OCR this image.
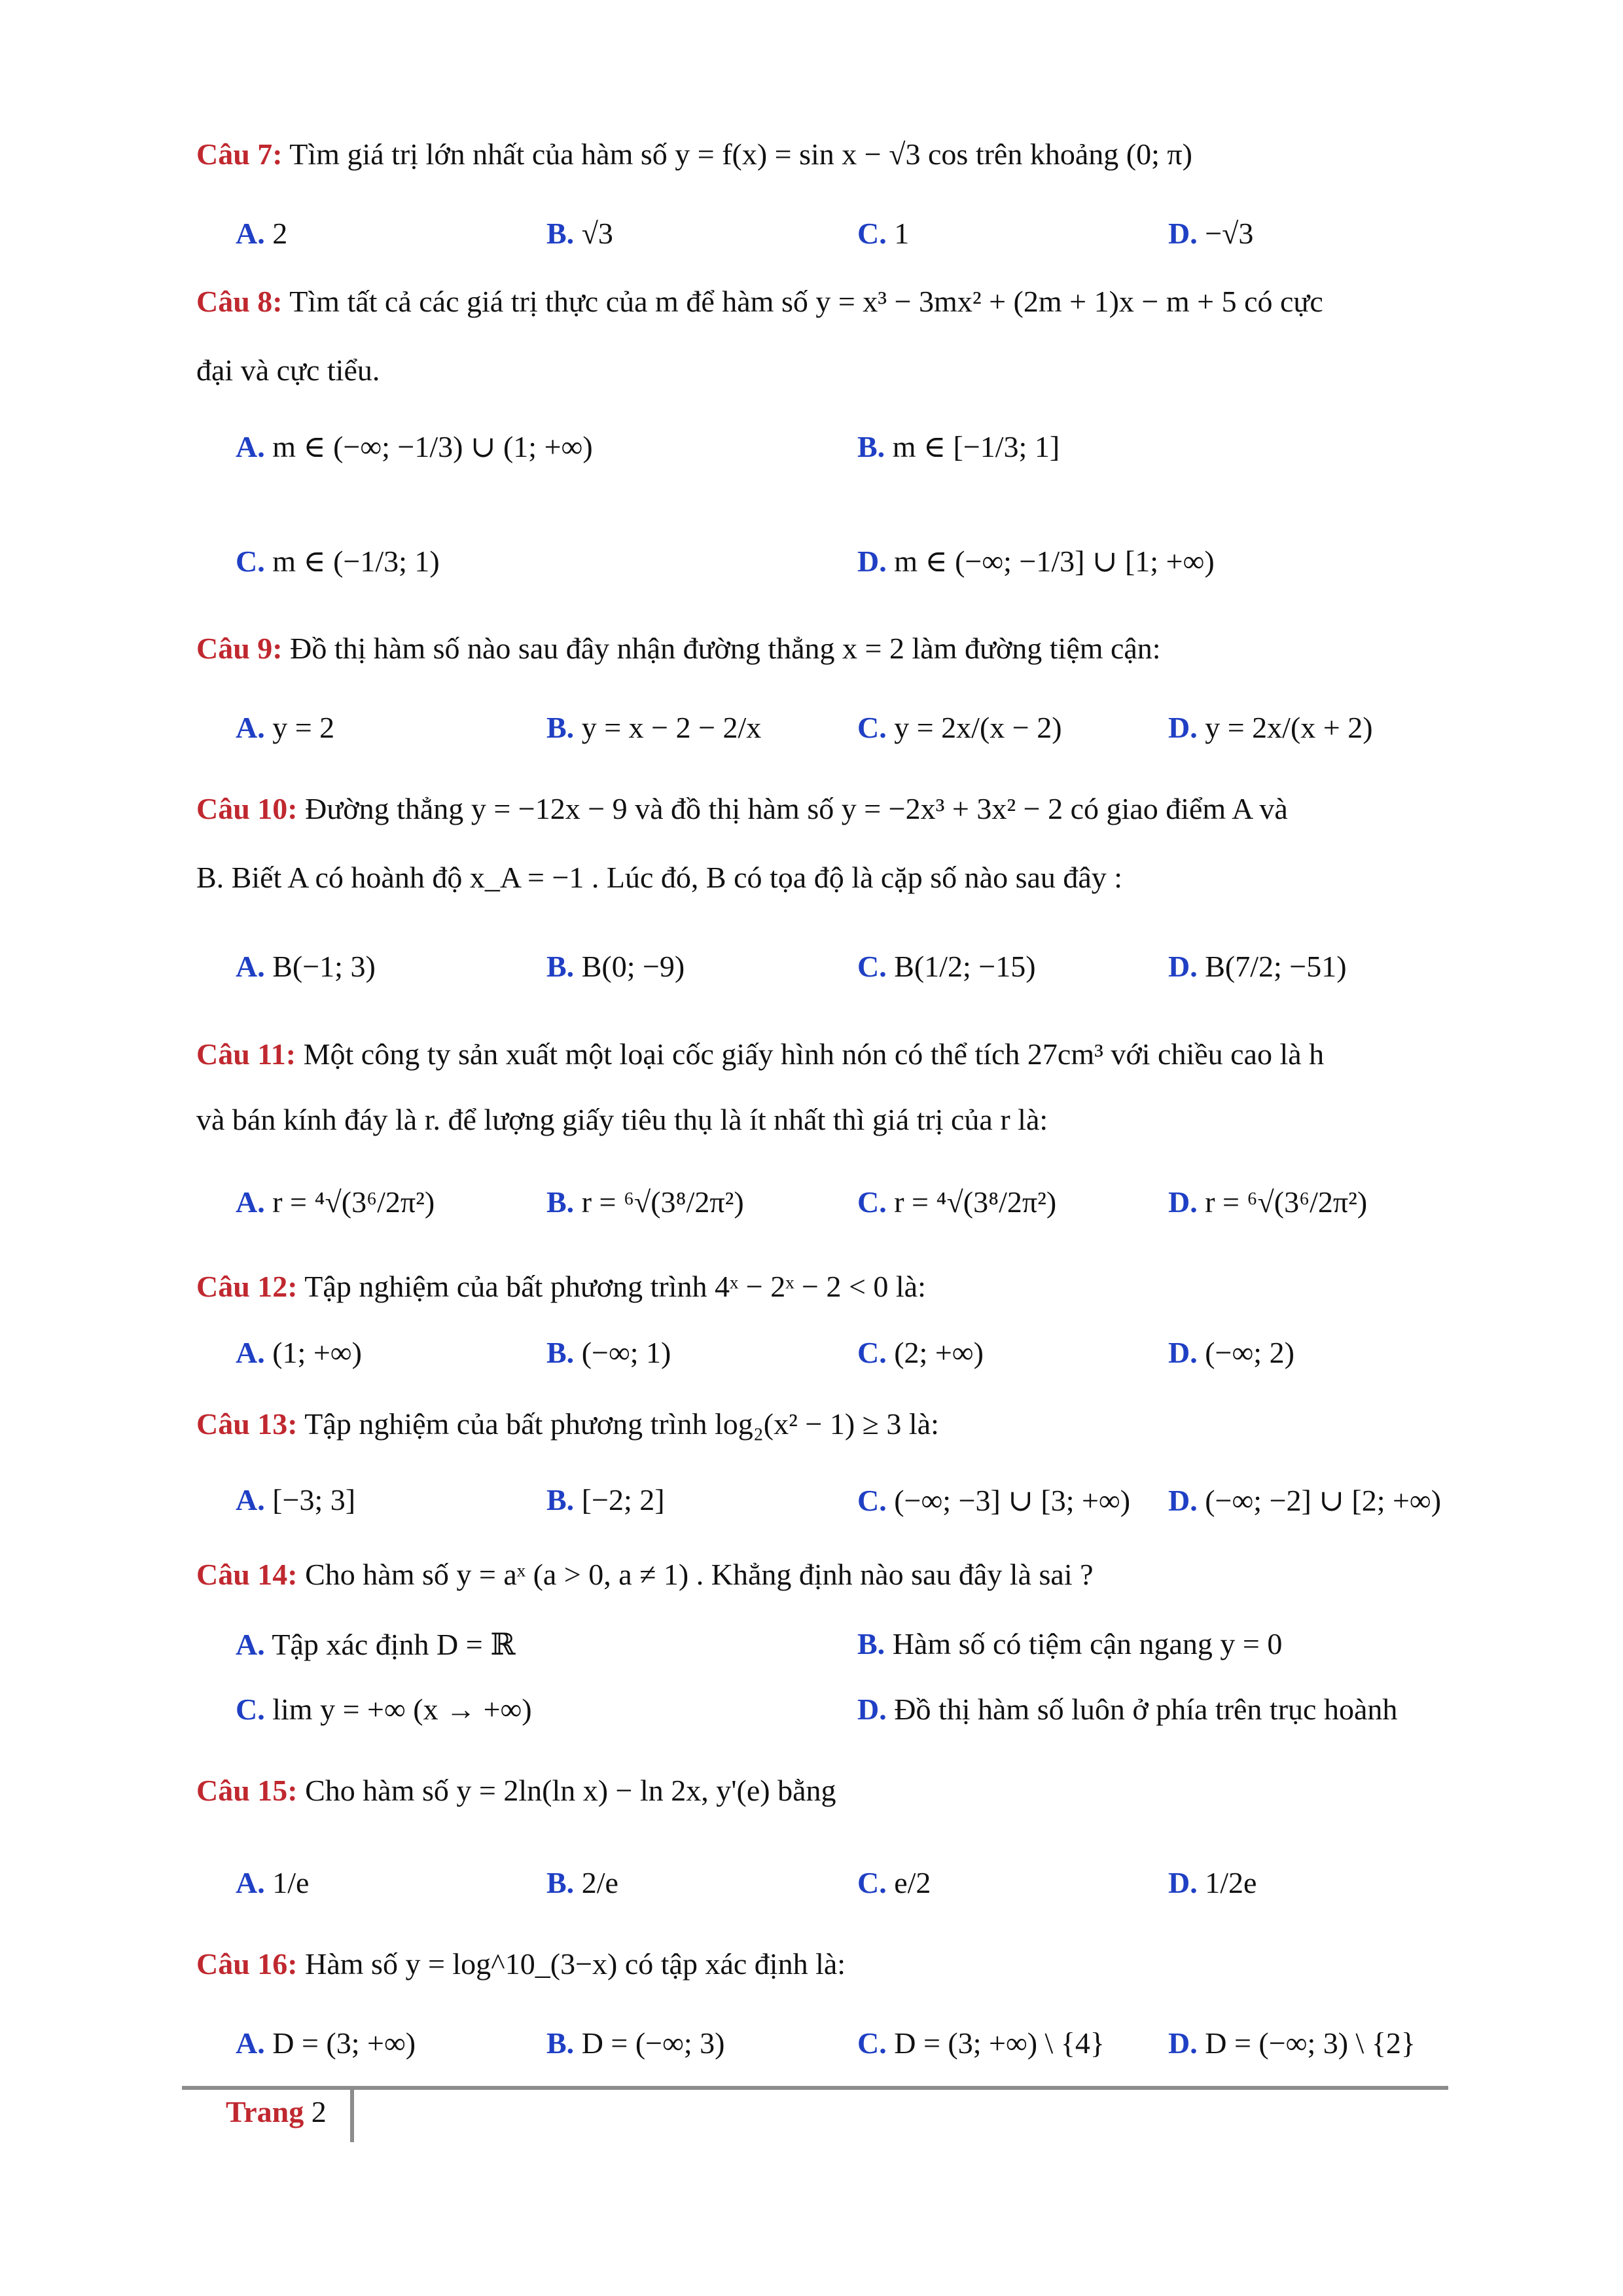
Câu 7: Tìm giá trị lớn nhất của hàm số y = f(x) = sin x − √3 cos trên khoảng (0; π)
A. 2	B. √3	C. 1	D. −√3
Câu 8: Tìm tất cả các giá trị thực của m để hàm số y = x³ − 3mx² + (2m + 1)x − m + 5 có cực
đại và cực tiểu.
A. m ∈ (−∞; −1/3) ∪ (1; +∞)	B. m ∈ [−1/3; 1]
C. m ∈ (−1/3; 1)	D. m ∈ (−∞; −1/3] ∪ [1; +∞)
Câu 9: Đồ thị hàm số nào sau đây nhận đường thẳng x = 2 làm đường tiệm cận:
A. y = 2	B. y = x − 2 − 2/x	C. y = 2x/(x − 2)	D. y = 2x/(x + 2)
Câu 10: Đường thẳng y = −12x − 9 và đồ thị hàm số y = −2x³ + 3x² − 2 có giao điểm A và
B. Biết A có hoành độ x_A = −1 . Lúc đó, B có tọa độ là cặp số nào sau đây :
A. B(−1; 3)	B. B(0; −9)	C. B(1/2; −15)	D. B(7/2; −51)
Câu 11: Một công ty sản xuất một loại cốc giấy hình nón có thể tích 27cm³ với chiều cao là h
và bán kính đáy là r. để lượng giấy tiêu thụ là ít nhất thì giá trị của r là:
A. r = ⁴√(3⁶/2π²)	B. r = ⁶√(3⁸/2π²)	C. r = ⁴√(3⁸/2π²)	D. r = ⁶√(3⁶/2π²)
Câu 12: Tập nghiệm của bất phương trình 4ˣ − 2ˣ − 2 < 0 là:
A. (1; +∞)	B. (−∞; 1)	C. (2; +∞)	D. (−∞; 2)
Câu 13: Tập nghiệm của bất phương trình log₂(x² − 1) ≥ 3 là:
A. [−3; 3]	B. [−2; 2]	C. (−∞; −3] ∪ [3; +∞) D. (−∞; −2] ∪ [2; +∞)
Câu 14: Cho hàm số y = aˣ (a > 0, a ≠ 1) . Khẳng định nào sau đây là sai ?
A. Tập xác định D = ℝ	B. Hàm số có tiệm cận ngang y = 0
C. lim y = +∞ (x → +∞)	D. Đồ thị hàm số luôn ở phía trên trục hoành
Câu 15: Cho hàm số y = 2ln(ln x) − ln 2x, y'(e) bằng
A. 1/e	B. 2/e	C. e/2	D. 1/2e
Câu 16: Hàm số y = log^10_(3−x) có tập xác định là:
A. D = (3; +∞)	B. D = (−∞; 3)	C. D = (3; +∞) \ {4} D. D = (−∞; 3) \ {2}
Trang 2
